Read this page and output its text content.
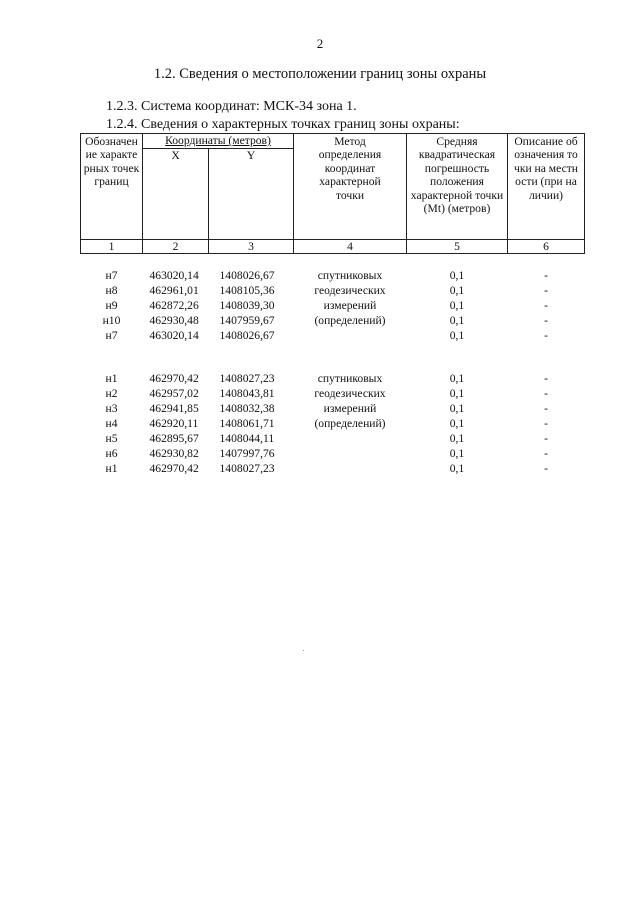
2
1.2. Сведения о местоположении границ зоны охраны
1.2.3. Система координат: МСК-34 зона 1.
1.2.4. Сведения о характерных точках границ зоны охраны:
Обозначение характерных точек границ	Координаты (метров)		Метод определения координат характерной точки	Средняя квадратическая погрешность положения характерной точки (Mt) (метров)	Описание обозначения точки на местности (при наличии)

	X	Y			
1	2	3	4	5	6

н7	463020,14	1408026,67	спутниковых геодезических измерений (определений)	0,1	-
н8	462961,01	1408105,36		0,1	-
н9	462872,26	1408039,30		0,1	-
н10	462930,48	1407959,67		0,1	-
н7	463020,14	1408026,67		0,1	-

н1	462970,42	1408027,23	спутниковых геодезических измерений (определений)	0,1	-
н2	462957,02	1408043,81		0,1	-
н3	462941,85	1408032,38		0,1	-
н4	462920,11	1408061,71		0,1	-
н5	462895,67	1408044,11		0,1	-
н6	462930,82	1407997,76		0,1	-
н1	462970,42	1408027,23		0,1	-
